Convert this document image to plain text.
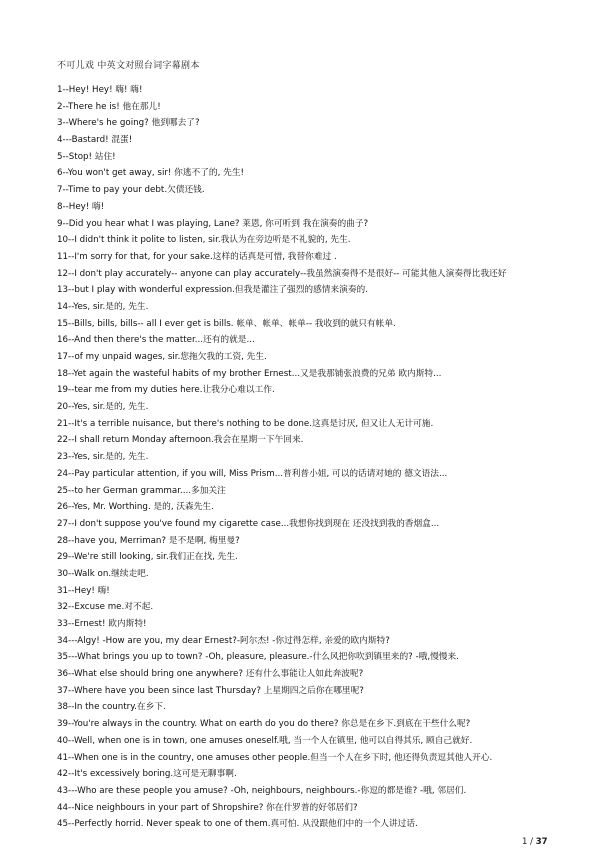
不可儿戏 中英文对照台词字幕剧本
1--Hey! Hey! 嗨! 嗨!
2--There he is! 他在那儿!
3--Where's he going? 他到哪去了?
4---Bastard! 混蛋!
5--Stop! 站住!
6--You won't get away, sir! 你逃不了的, 先生!
7--Time to pay your debt.欠债还钱.
8--Hey! 嗨!
9--Did you hear what I was playing, Lane? 莱恩, 你可听到 我在演奏的曲子?
10--I didn't think it polite to listen, sir.我认为在旁边听是不礼貌的, 先生.
11--I'm sorry for that, for your sake.这样的话真是可惜, 我替你难过 .
12--I don't play accurately-- anyone can play accurately--我虽然演奏得不是很好-- 可能其他人演奏得比我还好
13--but I play with wonderful expression.但我是灌注了强烈的感情来演奏的.
14--Yes, sir.是的, 先生.
15--Bills, bills, bills-- all I ever get is bills. 帐单、帐单、帐单-- 我收到的就只有帐单.
16--And then there's the matter...还有的就是...
17--of my unpaid wages, sir.您拖欠我的工资, 先生.
18--Yet again the wasteful habits of my brother Ernest...又是我那铺张浪费的兄弟 欧内斯特...
19--tear me from my duties here.让我分心难以工作.
20--Yes, sir.是的, 先生.
21--It's a terrible nuisance, but there's nothing to be done.这真是讨厌, 但又让人无计可施.
22--I shall return Monday afternoon.我会在星期一下午回来.
23--Yes, sir.是的, 先生.
24--Pay particular attention, if you will, Miss Prism...普利普小姐, 可以的话请对她的 德文语法...
25--to her German grammar....多加关注
26--Yes, Mr. Worthing. 是的, 沃森先生.
27--I don't suppose you've found my cigarette case...我想你找到现在 还没找到我的香烟盒...
28--have you, Merriman? 是不是啊, 梅里曼?
29--We're still looking, sir.我们正在找, 先生.
30--Walk on.继续走吧.
31--Hey! 嗨!
32--Excuse me.对不起.
33--Ernest! 欧内斯特!
34---Algy! -How are you, my dear Ernest?-阿尔杰! -你过得怎样, 亲爱的欧内斯特?
35---What brings you up to town? -Oh, pleasure, pleasure.-什么风把你吹到镇里来的? -哦,慢慢来.
36--What else should bring one anywhere? 还有什么事能让人如此奔波呢?
37--Where have you been since last Thursday? 上星期四之后你在哪里呢?
38--In the country.在乡下.
39--You're always in the country. What on earth do you do there? 你总是在乡下.到底在干些什么呢?
40--Well, when one is in town, one amuses oneself.哦, 当一个人在镇里, 他可以自得其乐, 顾自己就好.
41--When one is in the country, one amuses other people.但当一个人在乡下时, 他还得负责逗其他人开心.
42--It's excessively boring.这可是无聊事啊.
43---Who are these people you amuse? -Oh, neighbours, neighbours.-你逗的都是谁? -哦, 邻居们.
44--Nice neighbours in your part of Shropshire? 你在什罗普的好邻居们?
45--Perfectly horrid. Never speak to one of them.真可怕. 从没跟他们中的一个人讲过话.
1 / 37
